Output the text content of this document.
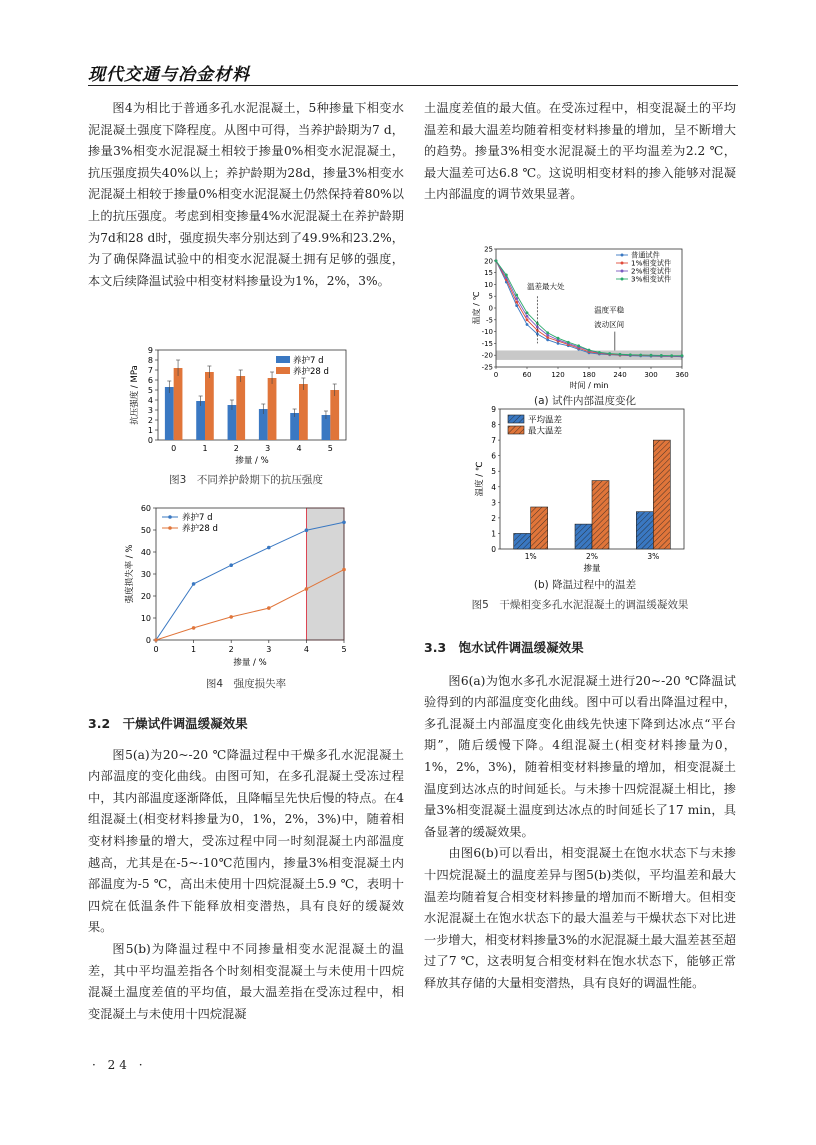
现代交通与冶金材料

图4为相比于普通多孔水泥混凝土，5种掺量下相变水泥混凝土强度下降程度。从图中可得，当养护龄期为7 d，掺量3%相变水泥混凝土相较于掺量0%相变水泥混凝土，抗压强度损失40%以上；养护龄期为28d，掺量3%相变水泥混凝土相较于掺量0%相变水泥混凝土仍然保持着80%以上的抗压强度。考虑到相变掺量4%水泥混凝土在养护龄期为7d和28 d时，强度损失率分别达到了49.9%和23.2%，为了确保降温试验中的相变水泥混凝土拥有足够的强度，本文后续降温试验中相变材料掺量设为1%，2%，3%。

0
1
2
3
4
5
6
7
8
9
0	1	2	3	4	5
掺量 / %
抗压强度 / MPa
养护7 d
养护28 d
图3　不同养护龄期下的抗压强度
0
10
20
30
40
50
60
0	1	2	3	4	5
养护7 d
养护28 d
掺量 / %
强度损失率 / %
图4　强度损失率
3.2　干燥试件调温缓凝效果

图5(a)为20~-20 ℃降温过程中干燥多孔水泥混凝土内部温度的变化曲线。由图可知，在多孔混凝土受冻过程中，其内部温度逐渐降低，且降幅呈先快后慢的特点。在4组混凝土(相变材料掺量为0，1%，2%，3%)中，随着相变材料掺量的增大，受冻过程中同一时刻混凝土内部温度越高，尤其是在-5~-10℃范围内，掺量3%相变混凝土内部温度为-5 ℃，高出未使用十四烷混凝土5.9 ℃，表明十四烷在低温条件下能释放相变潜热，具有良好的缓凝效果。

图5(b)为降温过程中不同掺量相变水泥混凝土的温差，其中平均温差指各个时刻相变混凝土与未使用十四烷混凝土温度差值的平均值，最大温差指在受冻过程中，相变混凝土与未使用十四烷混凝

土温度差值的最大值。在受冻过程中，相变混凝土的平均温差和最大温差均随着相变材料掺量的增加，呈不断增大的趋势。掺量3%相变水泥混凝土的平均温差为2.2 ℃，最大温差可达6.8 ℃。这说明相变材料的掺入能够对混凝土内部温度的调节效果显著。

-25
-20
-15
-10
-5
0
5
10
15
20
25
0	60	120	180	240	300	360
温差最大处
温度平稳
波动区间
普通试件
1%相变试件
2%相变试件
3%相变试件
时间 / min
温度 / ℃
(a) 试件内部温度变化
0
1
2
3
4
5
6
7
8
9
1%	2%	3%
平均温差
最大温差
掺量
温度 / ℃
(b) 降温过程中的温差
图5　干燥相变多孔水泥混凝土的调温缓凝效果
3.3　饱水试件调温缓凝效果

图6(a)为饱水多孔水泥混凝土进行20~-20 ℃降温试验得到的内部温度变化曲线。图中可以看出降温过程中，多孔混凝土内部温度变化曲线先快速下降到达冰点“平台期”，随后缓慢下降。4组混凝土(相变材料掺量为0，1%，2%，3%)，随着相变材料掺量的增加，相变混凝土温度到达冰点的时间延长。与未掺十四烷混凝土相比，掺量3%相变混凝土温度到达冰点的时间延长了17 min，具备显著的缓凝效果。

由图6(b)可以看出，相变混凝土在饱水状态下与未掺十四烷混凝土的温度差异与图5(b)类似，平均温差和最大温差均随着复合相变材料掺量的增加而不断增大。但相变水泥混凝土在饱水状态下的最大温差与干燥状态下对比进一步增大，相变材料掺量3%的水泥混凝土最大温差甚至超过了7 ℃，这表明复合相变材料在饱水状态下，能够正常释放其存储的大量相变潜热，具有良好的调温性能。

· 24 ·
